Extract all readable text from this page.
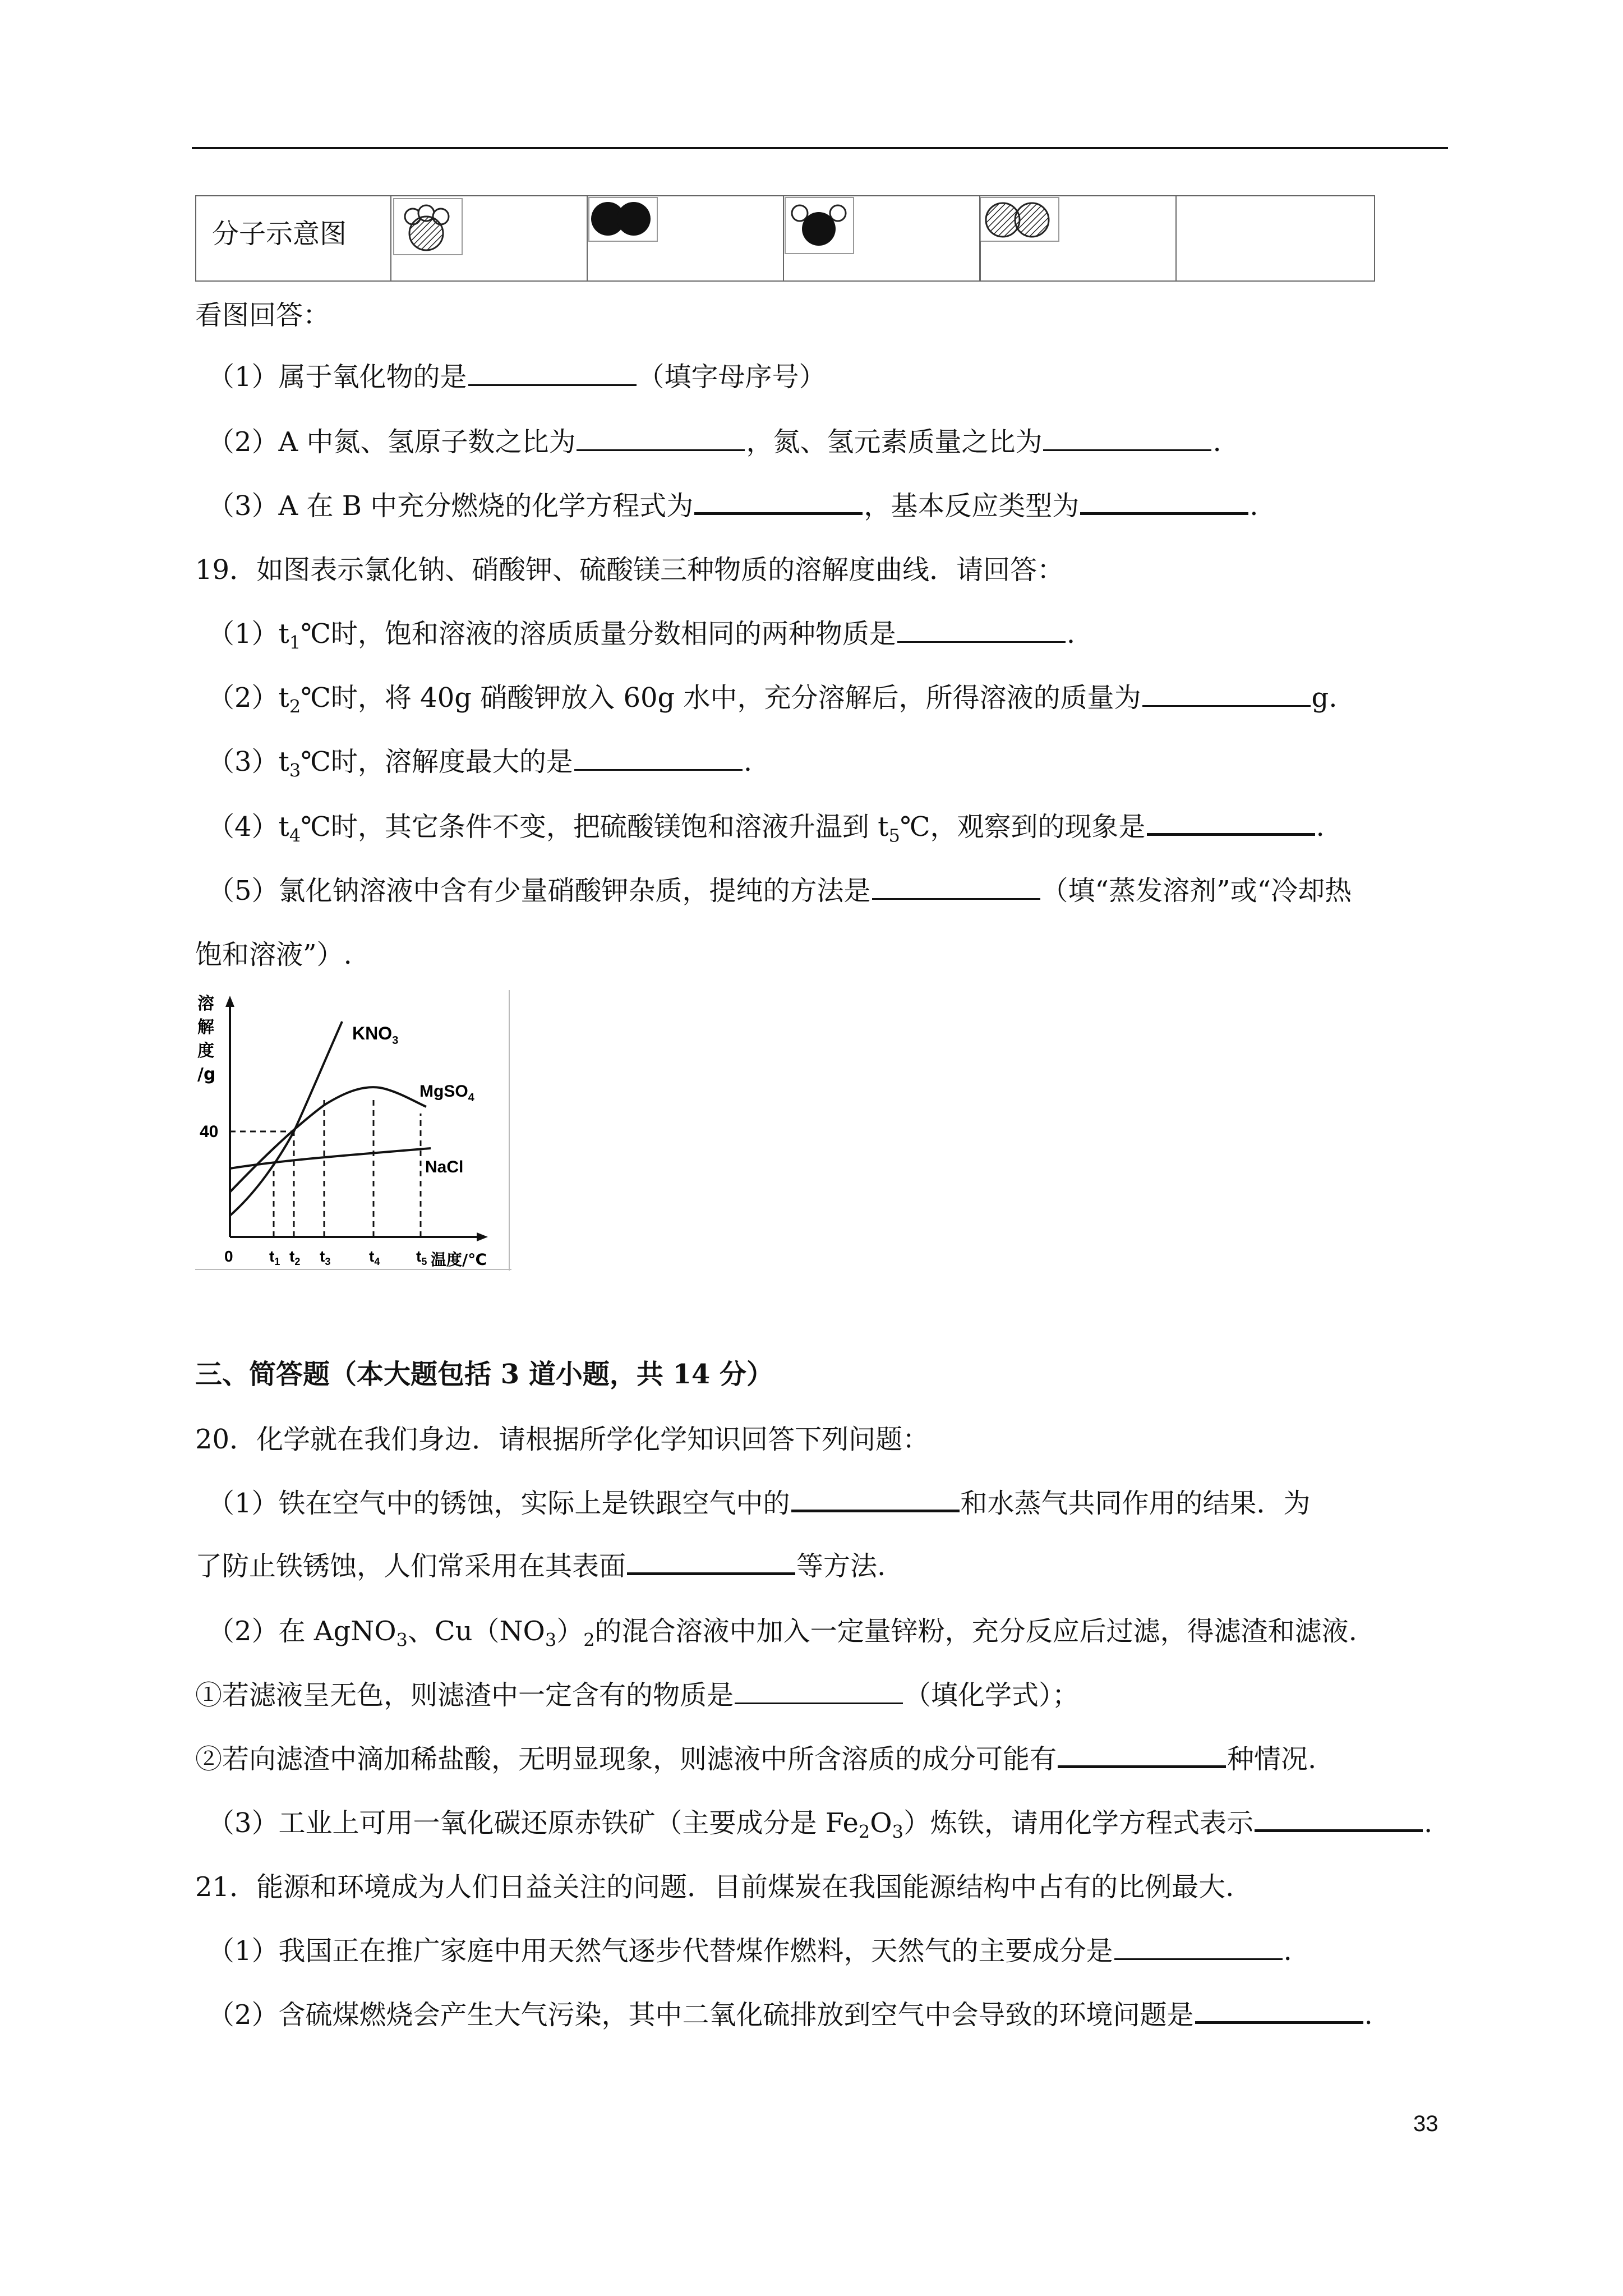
分子示意图
看图回答：
（1）属于氧化物的是	（填字母序号）
（2）A 中氮、氢原子数之比为	，氮、氢元素质量之比为	.
（3）A 在 B 中充分燃烧的化学方程式为	，基本反应类型为	.
19．如图表示氯化钠、硝酸钾、硫酸镁三种物质的溶解度曲线．请回答：
$(1)t_1℃$时，饱和溶液的溶质质量分数相同的两种物质是	.
$(2)t_2℃$时，将 40g 硝酸钾放入 60g 水中，充分溶解后，所得溶液的质量为	g.
$(3)t_3℃$时，溶解度最大的是	.
$(4)t_4℃$时，其它条件不变，把硫酸镁饱和溶液升温到 $t_5℃$，观察到的现象是	.
（5）氯化钠溶液中含有少量硝酸钾杂质，提纯的方法是	（填“蒸发溶剂”或“冷却热
饱和溶液”）.
溶
解
度
/g
40
$KNO_3$
MgSO$_4$
NaCl
0 $t_1$ $t_2$ $t_3$ $t_4$ $t_5$ 温度/℃
三、简答题（本大题包括 3 道小题，共 14 分）
20．化学就在我们身边．请根据所学化学知识回答下列问题：
（1）铁在空气中的锈蚀，实际上是铁跟空气中的	和水蒸气共同作用的结果．为
了防止铁锈蚀，人们常采用在其表面	等方法.
（2）在 AgNO$_3$、$Cu(NO_3)_2$的混合溶液中加入一定量锌粉，充分反应后过滤，得滤渣和滤液.
①若滤液呈无色，则滤渣中一定含有的物质是	（填化学式）；
②若向滤渣中滴加稀盐酸，无明显现象，则滤液中所含溶质的成分可能有	种情况.
（3）工业上可用一氧化碳还原赤铁矿（主要成分是 $Fe_2O_3$）炼铁，请用化学方程式表示	.
21．能源和环境成为人们日益关注的问题．目前煤炭在我国能源结构中占有的比例最大.
（1）我国正在推广家庭中用天然气逐步代替煤作燃料，天然气的主要成分是	.
（2）含硫煤燃烧会产生大气污染，其中二氧化硫排放到空气中会导致的环境问题是	.
33
